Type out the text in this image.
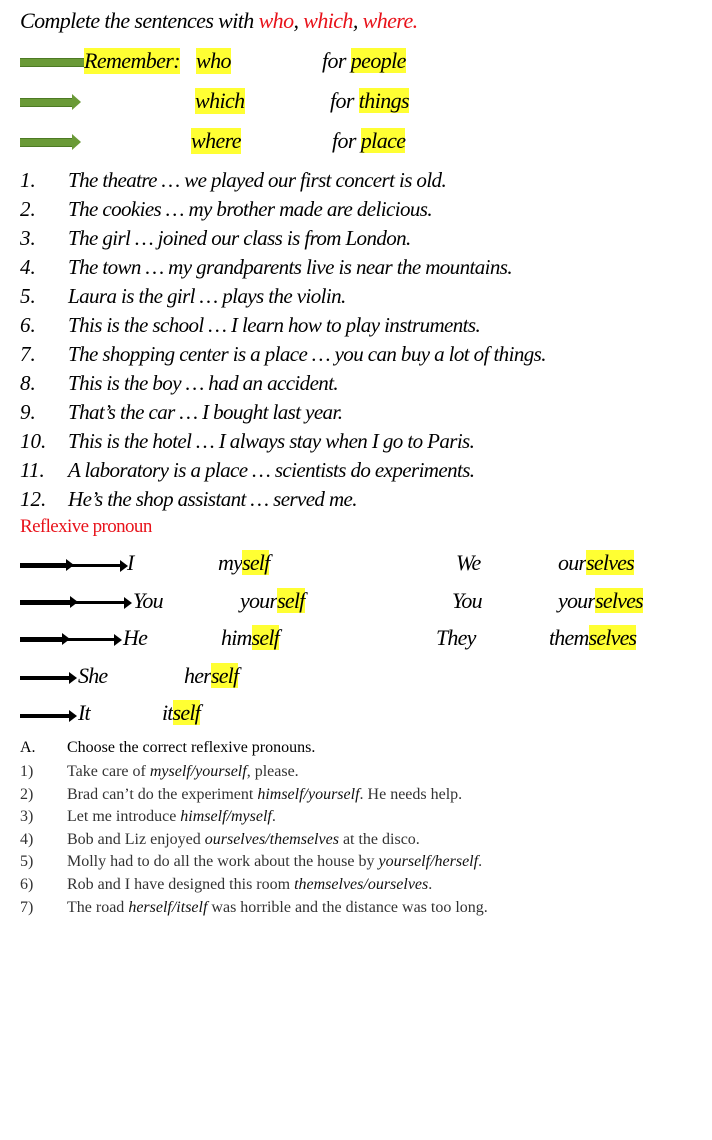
Complete the sentences with who, which, where.
Remember: who	for people
which	for things
where	for place
1.	The theatre … we played our first concert is old.
2.	The cookies … my brother made are delicious.
3.	The girl … joined our class is from London.
4.	The town … my grandparents live is near the mountains.
5.	Laura is the girl … plays the violin.
6.	This is the school … I learn how to play instruments.
7.	The shopping center is a place … you can buy a lot of things.
8.	This is the boy … had an accident.
9.	That’s the car … I bought last year.
10.	This is the hotel … I always stay when I go to Paris.
11.	A laboratory is a place … scientists do experiments.
12.	He’s the shop assistant … served me.
Reflexive pronoun
I	myself	We	ourselves
You	yourself	You	yourselves
He	himself	They	themselves
She	herself
It	itself
A. Choose the correct reflexive pronouns.
1)	Take care of myself/yourself, please.
2)	Brad can’t do the experiment himself/yourself. He needs help.
3)	Let me introduce himself/myself.
4)	Bob and Liz enjoyed ourselves/themselves at the disco.
5)	Molly had to do all the work about the house by yourself/herself.
6)	Rob and I have designed this room themselves/ourselves.
7)	The road herself/itself was horrible and the distance was too long.
